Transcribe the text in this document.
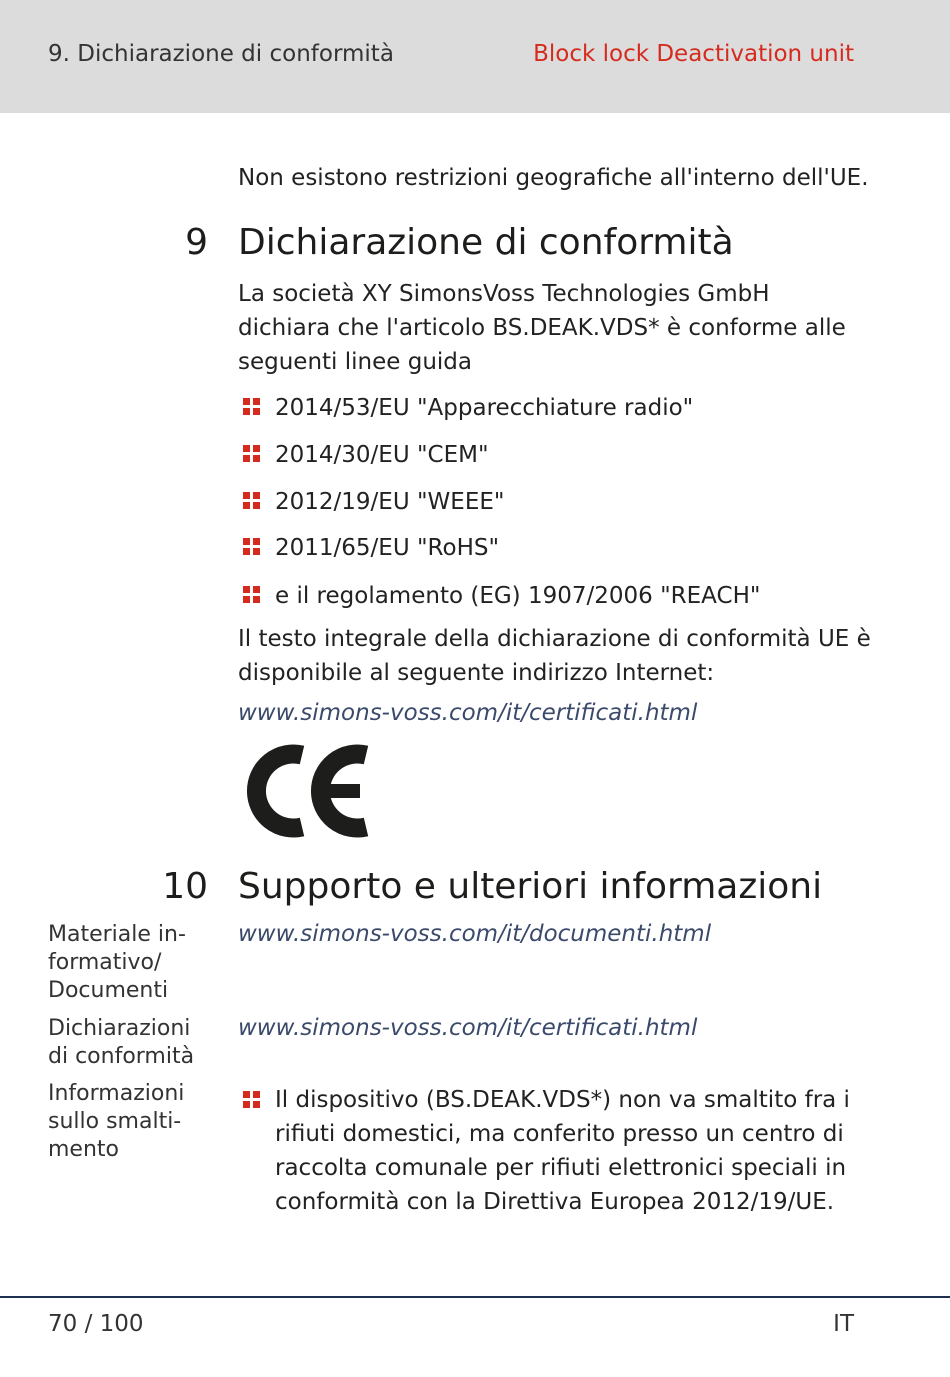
9. Dichiarazione di conformità	Block lock Deactivation unit
Non esistono restrizioni geografiche all'interno dell'UE.
9 Dichiarazione di conformità
La società XY SimonsVoss Technologies GmbH
dichiara che l'articolo BS.DEAK.VDS* è conforme alle
seguenti linee guida
2014/53/EU "Apparecchiature radio"
2014/30/EU "CEM"
2012/19/EU "WEEE"
2011/65/EU "RoHS"
e il regolamento (EG) 1907/2006 "REACH"
Il testo integrale della dichiarazione di conformità UE è
disponibile al seguente indirizzo Internet:
www.simons-voss.com/it/certificati.html
10 Supporto e ulteriori informazioni
Materiale in-
formativo/
Documenti
www.simons-voss.com/it/documenti.html
Dichiarazioni
di conformità
www.simons-voss.com/it/certificati.html
Informazioni
sullo smalti-
mento
Il dispositivo (BS.DEAK.VDS*) non va smaltito fra i
rifiuti domestici, ma conferito presso un centro di
raccolta comunale per rifiuti elettronici speciali in
conformità con la Direttiva Europea 2012/19/UE.
70 / 100	IT
